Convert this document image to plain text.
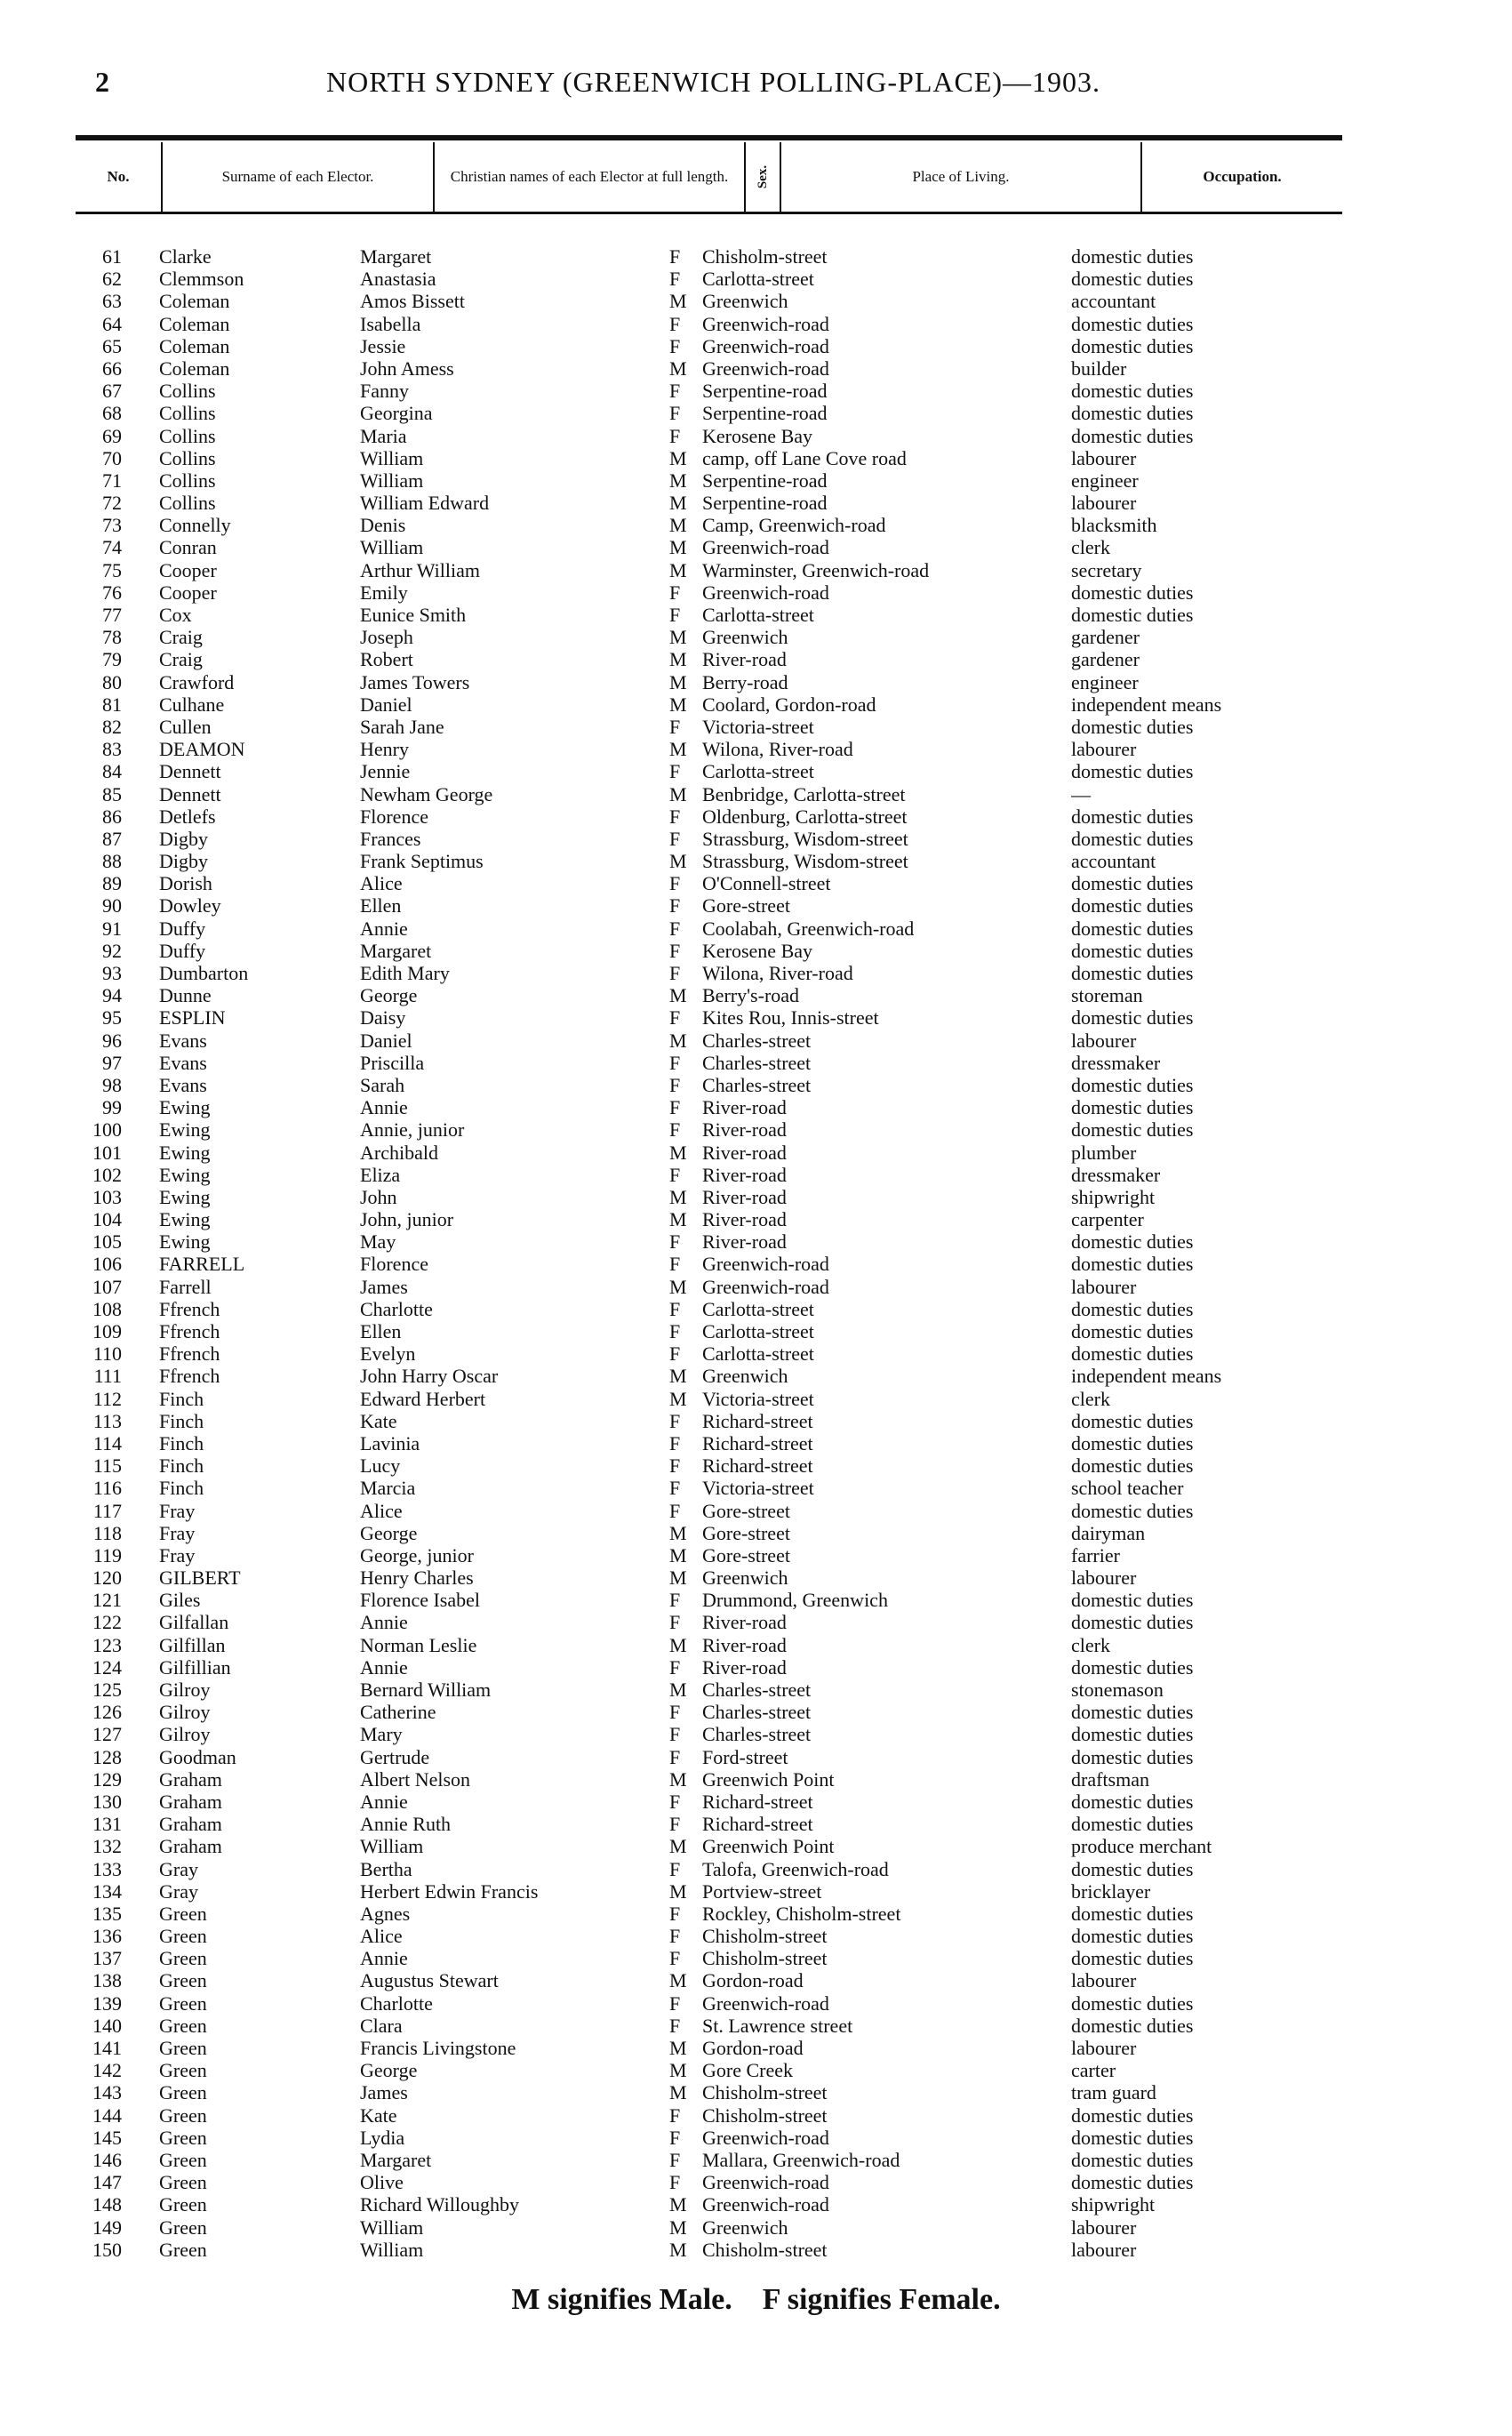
2	NORTH SYDNEY (GREENWICH POLLING-PLACE)—1903.
No.	Surname of each Elector.	Christian names of each Elector at full length.	Sex.	Place of Living.	Occupation.
61 Clarke	Margaret	F	Chisholm-street	domestic duties
62 Clemmson	Anastasia	F	Carlotta-street	domestic duties
63 Coleman	Amos Bissett	M Greenwich	accountant
64 Coleman	Isabella	F	Greenwich-road	domestic duties
65 Coleman	Jessie	F	Greenwich-road	domestic duties
66 Coleman	John Amess	M Greenwich-road	builder
67 Collins	Fanny	F	Serpentine-road	domestic duties
68 Collins	Georgina	F	Serpentine-road	domestic duties
69 Collins	Maria	F	Kerosene Bay	domestic duties
70 Collins	William	M camp, off Lane Cove road	labourer
71 Collins	William	M Serpentine-road	engineer
72 Collins	William Edward	M Serpentine-road	labourer
73 Connelly	Denis	M Camp, Greenwich-road	blacksmith
74 Conran	William	M Greenwich-road	clerk
75 Cooper	Arthur William	M Warminster, Greenwich-road	secretary
76 Cooper	Emily	F	Greenwich-road	domestic duties
77 Cox	Eunice Smith	F	Carlotta-street	domestic duties
78 Craig	Joseph	M Greenwich	gardener
79 Craig	Robert	M River-road	gardener
80 Crawford	James Towers	M Berry-road	engineer
81 Culhane	Daniel	M Coolard, Gordon-road	independent means
82 Cullen	Sarah Jane	F	Victoria-street	domestic duties
83 DEAMON	Henry	M Wilona, River-road	labourer
84 Dennett	Jennie	F	Carlotta-street	domestic duties
85 Dennett	Newham George	M Benbridge, Carlotta-street	—
86 Detlefs	Florence	F	Oldenburg, Carlotta-street	domestic duties
87 Digby	Frances	F	Strassburg, Wisdom-street	domestic duties
88 Digby	Frank Septimus	M Strassburg, Wisdom-street	accountant
89 Dorish	Alice	F	O'Connell-street	domestic duties
90 Dowley	Ellen	F	Gore-street	domestic duties
91 Duffy	Annie	F	Coolabah, Greenwich-road	domestic duties
92 Duffy	Margaret	F	Kerosene Bay	domestic duties
93 Dumbarton	Edith Mary	F	Wilona, River-road	domestic duties
94 Dunne	George	M Berry's-road	storeman
95 ESPLIN	Daisy	F	Kites Rou, Innis-street	domestic duties
96 Evans	Daniel	M Charles-street	labourer
97 Evans	Priscilla	F	Charles-street	dressmaker
98 Evans	Sarah	F	Charles-street	domestic duties
99 Ewing	Annie	F	River-road	domestic duties
100 Ewing	Annie, junior	F	River-road	domestic duties
101 Ewing	Archibald	M River-road	plumber
102 Ewing	Eliza	F	River-road	dressmaker
103 Ewing	John	M River-road	shipwright
104 Ewing	John, junior	M River-road	carpenter
105 Ewing	May	F	River-road	domestic duties
106 FARRELL	Florence	F	Greenwich-road	domestic duties
107 Farrell	James	M Greenwich-road	labourer
108 Ffrench	Charlotte	F	Carlotta-street	domestic duties
109 Ffrench	Ellen	F	Carlotta-street	domestic duties
110 Ffrench	Evelyn	F	Carlotta-street	domestic duties
111 Ffrench	John Harry Oscar	M Greenwich	independent means
112 Finch	Edward Herbert	M Victoria-street	clerk
113 Finch	Kate	F	Richard-street	domestic duties
114 Finch	Lavinia	F	Richard-street	domestic duties
115 Finch	Lucy	F	Richard-street	domestic duties
116 Finch	Marcia	F	Victoria-street	school teacher
117 Fray	Alice	F	Gore-street	domestic duties
118 Fray	George	M Gore-street	dairyman
119 Fray	George, junior	M Gore-street	farrier
120 GILBERT	Henry Charles	M Greenwich	labourer
121 Giles	Florence Isabel	F	Drummond, Greenwich	domestic duties
122 Gilfallan	Annie	F	River-road	domestic duties
123 Gilfillan	Norman Leslie	M River-road	clerk
124 Gilfillian	Annie	F	River-road	domestic duties
125 Gilroy	Bernard William	M Charles-street	stonemason
126 Gilroy	Catherine	F	Charles-street	domestic duties
127 Gilroy	Mary	F	Charles-street	domestic duties
128 Goodman	Gertrude	F	Ford-street	domestic duties
129 Graham	Albert Nelson	M Greenwich Point	draftsman
130 Graham	Annie	F	Richard-street	domestic duties
131 Graham	Annie Ruth	F	Richard-street	domestic duties
132 Graham	William	M Greenwich Point	produce merchant
133 Gray	Bertha	F	Talofa, Greenwich-road	domestic duties
134 Gray	Herbert Edwin Francis	M Portview-street	bricklayer
135 Green	Agnes	F	Rockley, Chisholm-street	domestic duties
136 Green	Alice	F	Chisholm-street	domestic duties
137 Green	Annie	F	Chisholm-street	domestic duties
138 Green	Augustus Stewart	M Gordon-road	labourer
139 Green	Charlotte	F	Greenwich-road	domestic duties
140 Green	Clara	F	St. Lawrence street	domestic duties
141 Green	Francis Livingstone	M Gordon-road	labourer
142 Green	George	M Gore Creek	carter
143 Green	James	M Chisholm-street	tram guard
144 Green	Kate	F	Chisholm-street	domestic duties
145 Green	Lydia	F	Greenwich-road	domestic duties
146 Green	Margaret	F	Mallara, Greenwich-road	domestic duties
147 Green	Olive	F	Greenwich-road	domestic duties
148 Green	Richard Willoughby	M Greenwich-road	shipwright
149 Green	William	M Greenwich	labourer
150 Green	William	M Chisholm-street	labourer
M signifies Male.    F signifies Female.
